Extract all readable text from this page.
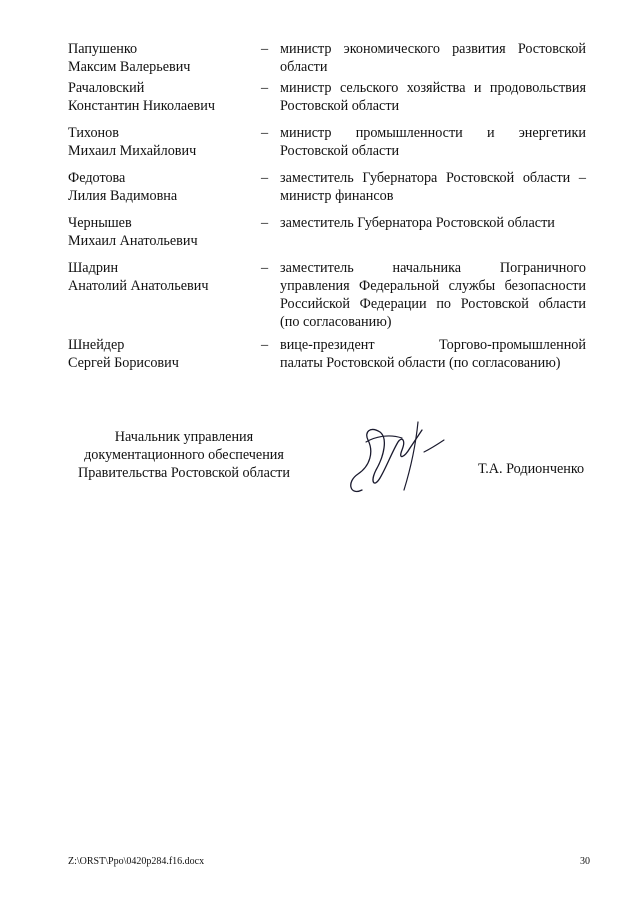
Папушенко
Максим Валерьевич
– министр экономического развития Ростовской
области
Рачаловский
Константин Николаевич
– министр сельского хозяйства и продовольствия
Ростовской области
Тихонов
Михаил Михайлович
– министр промышленности и энергетики
Ростовской области
Федотова
Лилия Вадимовна
– заместитель Губернатора Ростовской области –
министр финансов
Чернышев
Михаил Анатольевич
– заместитель Губернатора Ростовской области
Шадрин
Анатолий Анатольевич
– заместитель начальника Пограничного
управления Федеральной службы безопасности
Российской Федерации по Ростовской области
(по согласованию)
Шнейдер
Сергей Борисович
– вице-президент Торгово-промышленной
палаты Ростовской области (по согласованию)
Начальник управления
документационного обеспечения
Правительства Ростовской области	Т.А. Родионченко
Z:\ORST\Ppo\0420p284.f16.docx	30
